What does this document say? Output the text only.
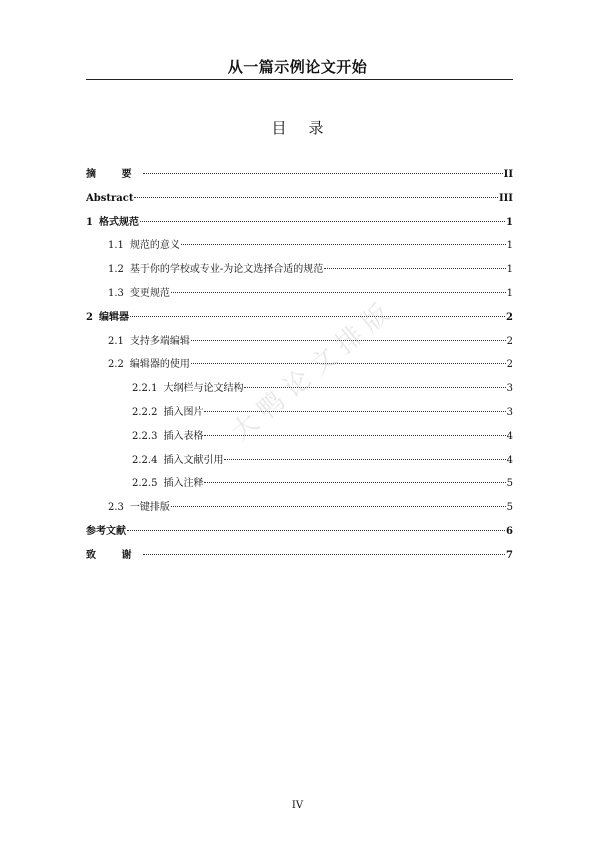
从一篇示例论文开始
目 录
摘 要	II
Abstract	III
1 格式规范	1
1.1 规范的意义	1
1.2 基于你的学校或专业-为论文选择合适的规范	1
1.3 变更规范	1
2 编辑器	2
2.1 支持多端编辑	2
2.2 编辑器的使用	2
2.2.1 大纲栏与论文结构	3
2.2.2 插入图片	3
2.2.3 插入表格	4
2.2.4 插入文献引用	4
2.2.5 插入注释	5
2.3 一键排版	5
参考文献	6
致 谢	7
大鸭论文排版
IV
